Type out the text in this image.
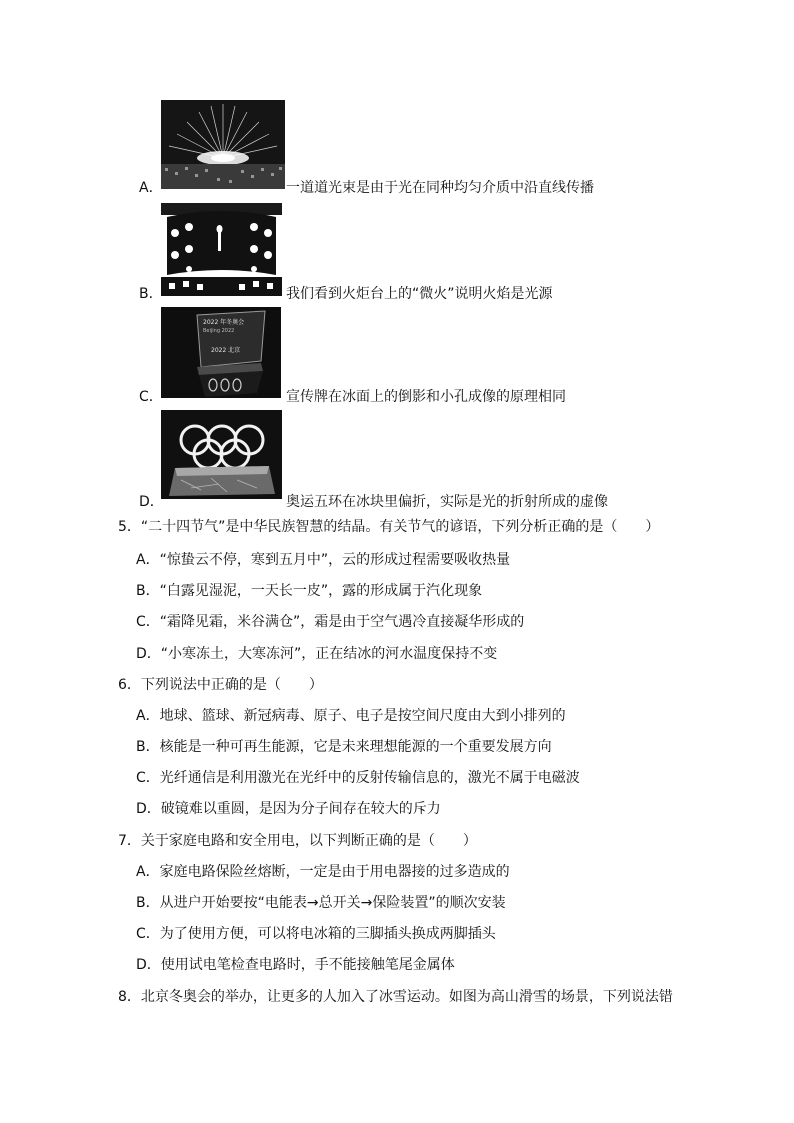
A．	一道道光束是由于光在同种均匀介质中沿直线传播
B．	我们看到火炬台上的“微火”说明火焰是光源
2022 年冬奥会
Beijing 2022
2022 北京
C．	宣传牌在冰面上的倒影和小孔成像的原理相同
D．	奥运五环在冰块里偏折，实际是光的折射所成的虚像
5．“二十四节气”是中华民族智慧的结晶。有关节气的谚语，下列分析正确的是（　　）
A．“惊蛰云不停，寒到五月中”，云的形成过程需要吸收热量
B．“白露见湿泥，一天长一皮”，露的形成属于汽化现象
C．“霜降见霜，米谷满仓”，霜是由于空气遇冷直接凝华形成的
D．“小寒冻土，大寒冻河”，正在结冰的河水温度保持不变
6．下列说法中正确的是（　　）
A．地球、篮球、新冠病毒、原子、电子是按空间尺度由大到小排列的
B．核能是一种可再生能源，它是未来理想能源的一个重要发展方向
C．光纤通信是利用激光在光纤中的反射传输信息的，激光不属于电磁波
D．破镜难以重圆，是因为分子间存在较大的斥力
7．关于家庭电路和安全用电，以下判断正确的是（　　）
A．家庭电路保险丝熔断，一定是由于用电器接的过多造成的
B．从进户开始要按“电能表→总开关→保险装置”的顺次安装
C．为了使用方便，可以将电冰箱的三脚插头换成两脚插头
D．使用试电笔检查电路时，手不能接触笔尾金属体
8．北京冬奥会的举办，让更多的人加入了冰雪运动。如图为高山滑雪的场景，下列说法错
